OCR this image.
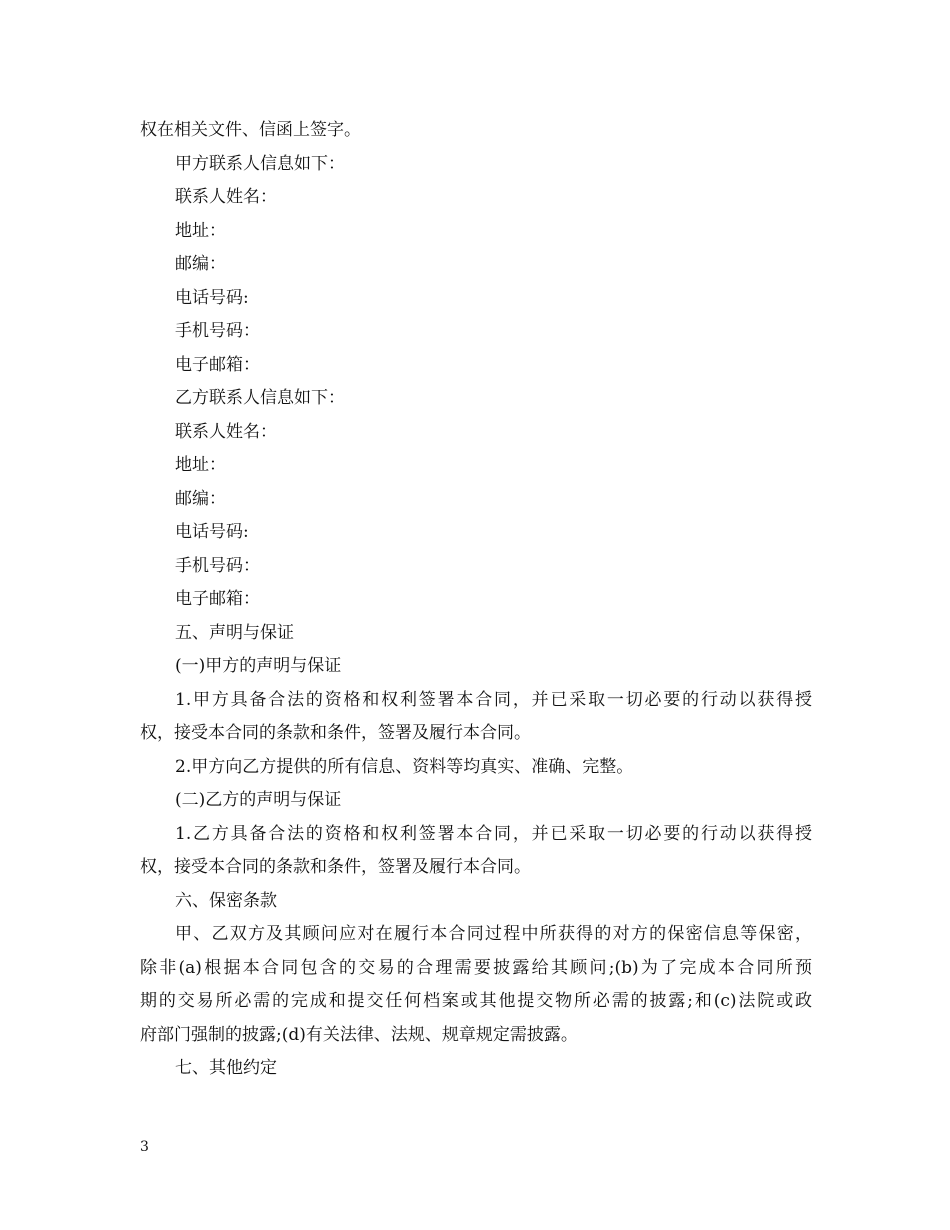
权在相关文件、信函上签字。
甲方联系人信息如下：
联系人姓名：
地址：
邮编：
电话号码:
手机号码：
电子邮箱：
乙方联系人信息如下：
联系人姓名：
地址：
邮编：
电话号码:
手机号码：
电子邮箱：
五、声明与保证
(一)甲方的声明与保证
1.甲方具备合法的资格和权利签署本合同，并已采取一切必要的行动以获得授
权，接受本合同的条款和条件，签署及履行本合同。
2.甲方向乙方提供的所有信息、资料等均真实、准确、完整。
(二)乙方的声明与保证
1.乙方具备合法的资格和权利签署本合同，并已采取一切必要的行动以获得授
权，接受本合同的条款和条件，签署及履行本合同。
六、保密条款
甲、乙双方及其顾问应对在履行本合同过程中所获得的对方的保密信息等保密，
除非(a)根据本合同包含的交易的合理需要披露给其顾问;(b)为了完成本合同所预
期的交易所必需的完成和提交任何档案或其他提交物所必需的披露;和(c)法院或政
府部门强制的披露;(d)有关法律、法规、规章规定需披露。
七、其他约定
3
